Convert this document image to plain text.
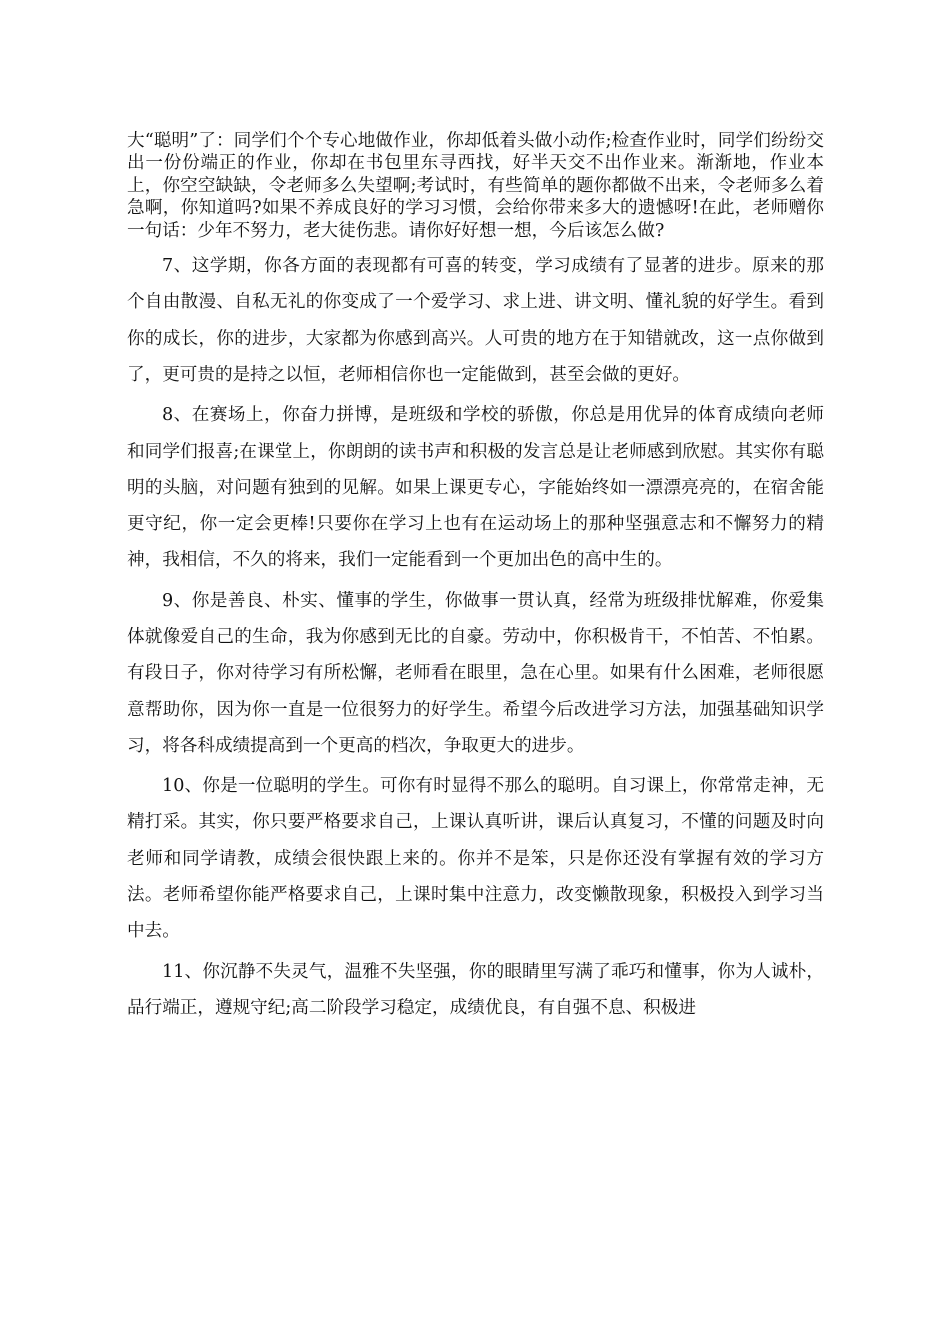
大“聪明”了：同学们个个专心地做作业，你却低着头做小动作;检查作业时，同学们纷纷交出一份份端正的作业，你却在书包里东寻西找，好半天交不出作业来。渐渐地，作业本上，你空空缺缺，令老师多么失望啊;考试时，有些简单的题你都做不出来，令老师多么着急啊，你知道吗?如果不养成良好的学习习惯，会给你带来多大的遗憾呀!在此，老师赠你一句话：少年不努力，老大徒伤悲。请你好好想一想，今后该怎么做?

7、这学期，你各方面的表现都有可喜的转变，学习成绩有了显著的进步。原来的那个自由散漫、自私无礼的你变成了一个爱学习、求上进、讲文明、懂礼貌的好学生。看到你的成长，你的进步，大家都为你感到高兴。人可贵的地方在于知错就改，这一点你做到了，更可贵的是持之以恒，老师相信你也一定能做到，甚至会做的更好。

8、在赛场上，你奋力拼博，是班级和学校的骄傲，你总是用优异的体育成绩向老师和同学们报喜;在课堂上，你朗朗的读书声和积极的发言总是让老师感到欣慰。其实你有聪明的头脑，对问题有独到的见解。如果上课更专心，字能始终如一漂漂亮亮的，在宿舍能更守纪，你一定会更棒!只要你在学习上也有在运动场上的那种坚强意志和不懈努力的精神，我相信，不久的将来，我们一定能看到一个更加出色的高中生的。

9、你是善良、朴实、懂事的学生，你做事一贯认真，经常为班级排忧解难，你爱集体就像爱自己的生命，我为你感到无比的自豪。劳动中，你积极肯干，不怕苦、不怕累。有段日子，你对待学习有所松懈，老师看在眼里，急在心里。如果有什么困难，老师很愿意帮助你，因为你一直是一位很努力的好学生。希望今后改进学习方法，加强基础知识学习，将各科成绩提高到一个更高的档次，争取更大的进步。

10、你是一位聪明的学生。可你有时显得不那么的聪明。自习课上，你常常走神，无精打采。其实，你只要严格要求自己，上课认真听讲，课后认真复习，不懂的问题及时向老师和同学请教，成绩会很快跟上来的。你并不是笨，只是你还没有掌握有效的学习方法。老师希望你能严格要求自己，上课时集中注意力，改变懒散现象，积极投入到学习当中去。

11、你沉静不失灵气，温雅不失坚强，你的眼睛里写满了乖巧和懂事，你为人诚朴，品行端正，遵规守纪;高二阶段学习稳定，成绩优良，有自强不息、积极进
